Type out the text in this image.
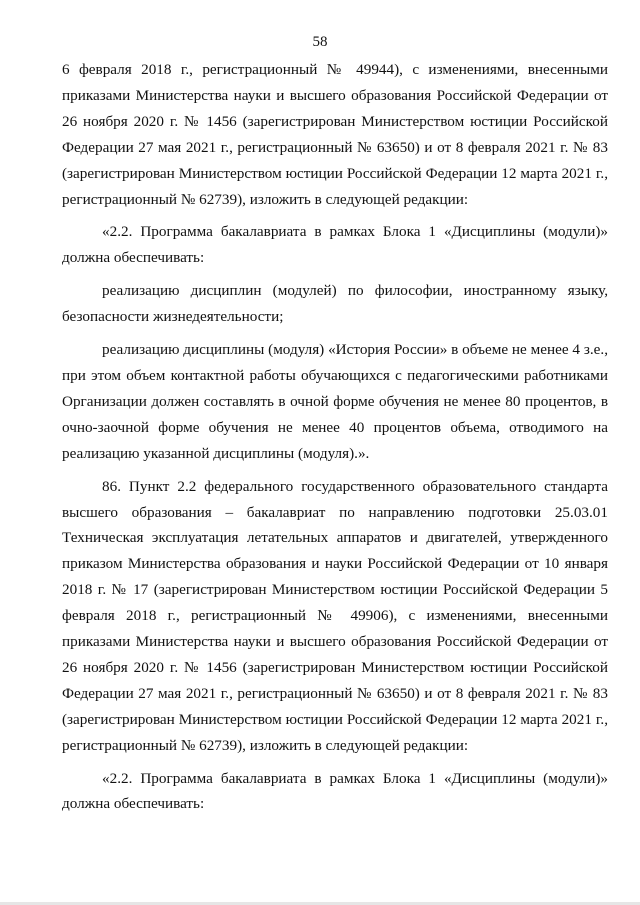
58

6 февраля 2018 г., регистрационный № 49944), с изменениями, внесенными приказами Министерства науки и высшего образования Российской Федерации от 26 ноября 2020 г. № 1456 (зарегистрирован Министерством юстиции Российской Федерации 27 мая 2021 г., регистрационный № 63650) и от 8 февраля 2021 г. № 83 (зарегистрирован Министерством юстиции Российской Федерации 12 марта 2021 г., регистрационный № 62739), изложить в следующей редакции:

«2.2. Программа бакалавриата в рамках Блока 1 «Дисциплины (модули)» должна обеспечивать:

реализацию дисциплин (модулей) по философии, иностранному языку, безопасности жизнедеятельности;

реализацию дисциплины (модуля) «История России» в объеме не менее 4 з.е., при этом объем контактной работы обучающихся с педагогическими работниками Организации должен составлять в очной форме обучения не менее 80 процентов, в очно-заочной форме обучения не менее 40 процентов объема, отводимого на реализацию указанной дисциплины (модуля).».

86. Пункт 2.2 федерального государственного образовательного стандарта высшего образования – бакалавриат по направлению подготовки 25.03.01 Техническая эксплуатация летательных аппаратов и двигателей, утвержденного приказом Министерства образования и науки Российской Федерации от 10 января 2018 г. № 17 (зарегистрирован Министерством юстиции Российской Федерации 5 февраля 2018 г., регистрационный № 49906), с изменениями, внесенными приказами Министерства науки и высшего образования Российской Федерации от 26 ноября 2020 г. № 1456 (зарегистрирован Министерством юстиции Российской Федерации 27 мая 2021 г., регистрационный № 63650) и от 8 февраля 2021 г. № 83 (зарегистрирован Министерством юстиции Российской Федерации 12 марта 2021 г., регистрационный № 62739), изложить в следующей редакции:

«2.2. Программа бакалавриата в рамках Блока 1 «Дисциплины (модули)» должна обеспечивать:
